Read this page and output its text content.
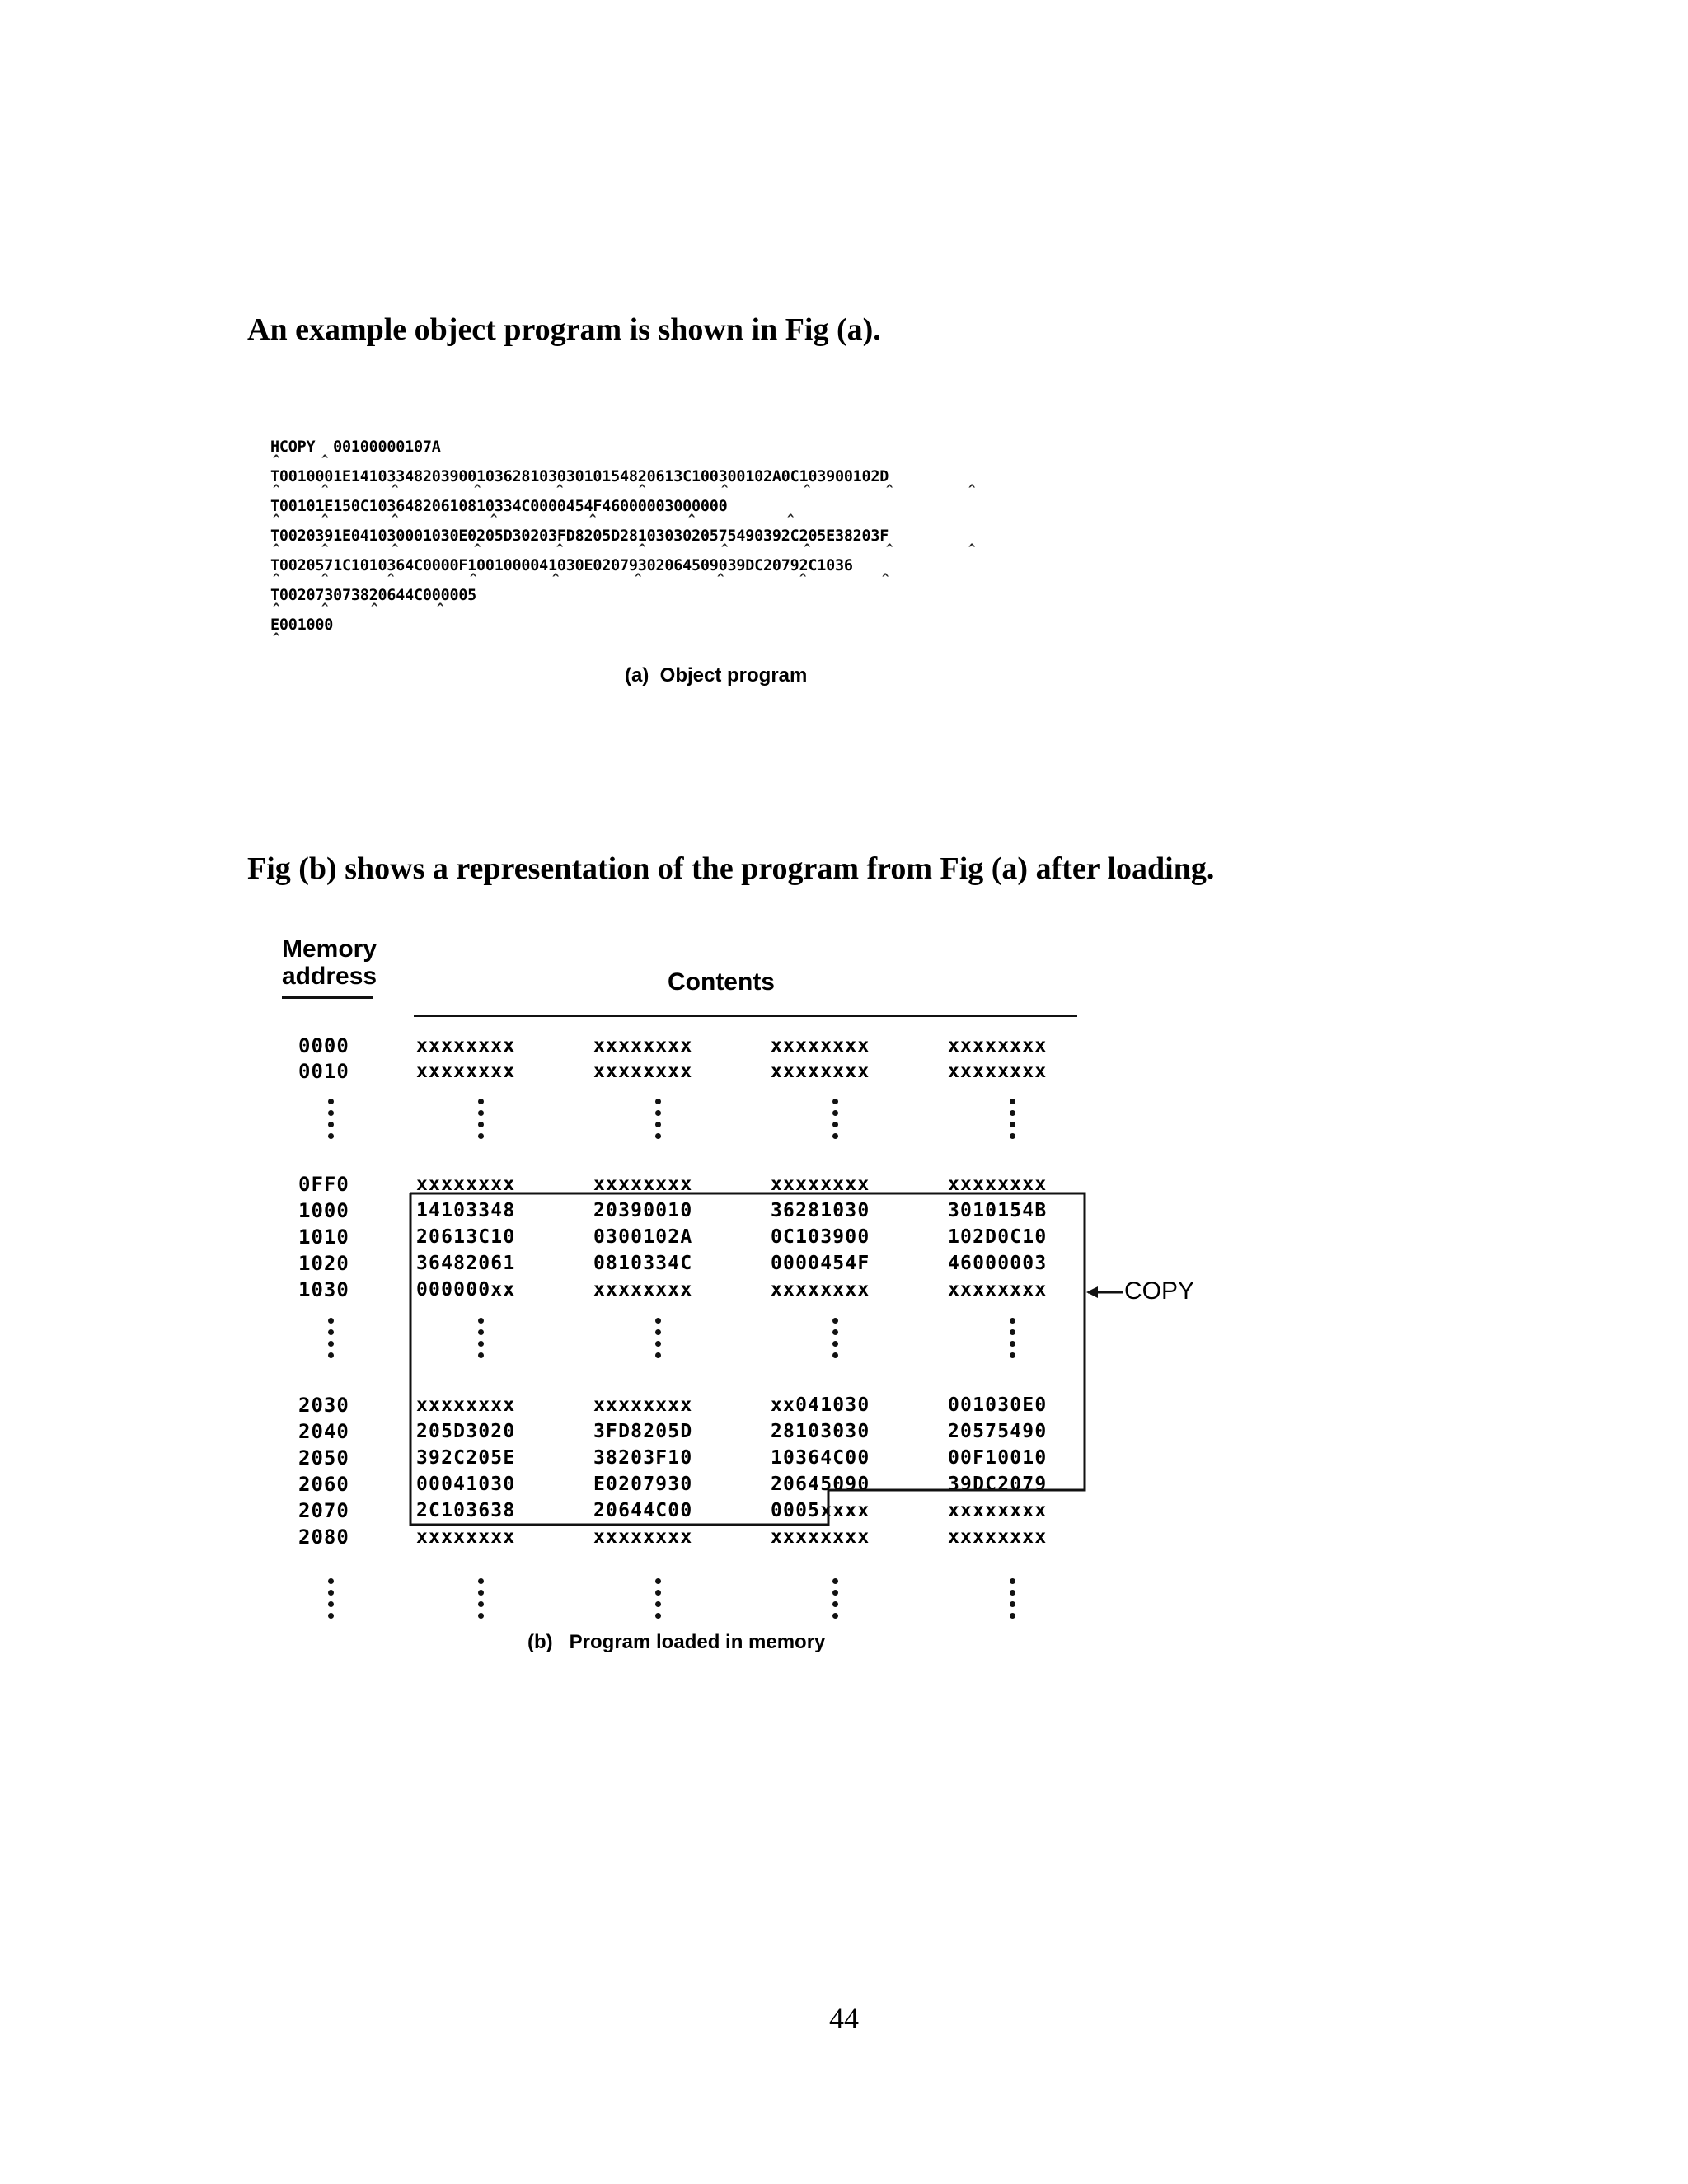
An example object program is shown in Fig (a).

HCOPY  00100000107A
T0010001E1410334820390010362810303010154820613C100300102A0C103900102D
T00101E150C10364820610810334C0000454F46000003000000
T0020391E041030001030E0205D30203FD8205D2810303020575490392C205E38203F
T0020571C1010364C0000F1001000041030E02079302064509039DC20792C1036
T002073073820644C000005
E001000
^	^
^	^	^	^	^	^	^	^	^	^
^	^	^	^	^	^	^
^	^	^	^	^	^	^	^	^	^
^	^	^	^	^	^	^	^	^
^	^	^	^
^
(a)  Object program

Fig (b) shows a representation of the program from Fig (a) after loading.

Memory
address	Contents
0000	xxxxxxxx	xxxxxxxx	xxxxxxxx	xxxxxxxx
0010	xxxxxxxx	xxxxxxxx	xxxxxxxx	xxxxxxxx
0FF0	xxxxxxxx	xxxxxxxx	xxxxxxxx	xxxxxxxx
1000	14103348	20390010	36281030	3010154B
1010	20613C10	0300102A	0C103900	102D0C10
1020	36482061	0810334C	0000454F	46000003
1030	000000xx	xxxxxxxx	xxxxxxxx	xxxxxxxx
2030	xxxxxxxx	xxxxxxxx	xx041030	001030E0
2040	205D3020	3FD8205D	28103030	20575490
2050	392C205E	38203F10	10364C00	00F10010
2060	00041030	E0207930	20645090	39DC2079
2070	2C103638	20644C00	0005xxxx	xxxxxxxx
2080	xxxxxxxx	xxxxxxxx	xxxxxxxx	xxxxxxxx
COPY
(b)   Program loaded in memory
44
